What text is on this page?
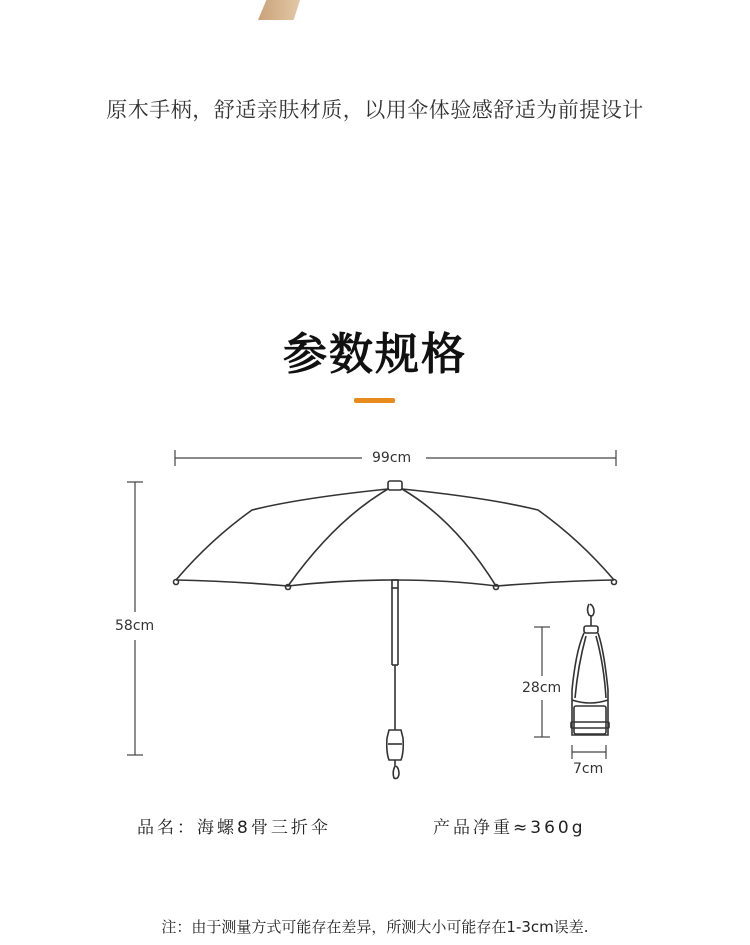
原木手柄，舒适亲肤材质，以用伞体验感舒适为前提设计
参数规格
99cm
58cm
28cm
7cm
品名：海螺8骨三折伞	产品净重≈360g
注：由于测量方式可能存在差异，所测大小可能存在1-3cm误差.
